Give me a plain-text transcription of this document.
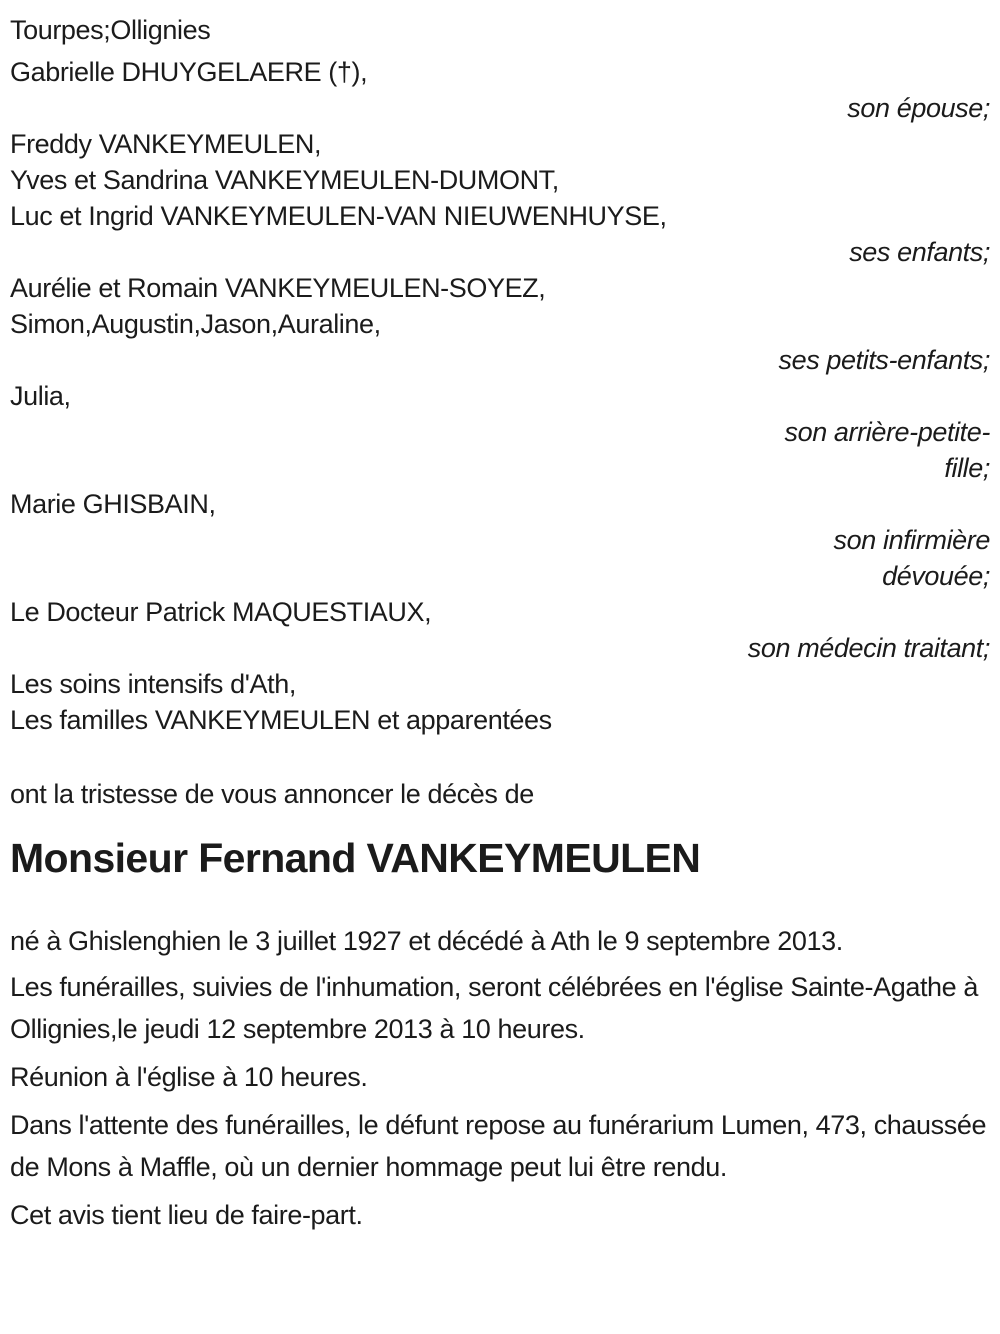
Tourpes;Ollignies
Gabrielle DHUYGELAERE (†),
son épouse;
Freddy VANKEYMEULEN,
Yves et Sandrina VANKEYMEULEN-DUMONT,
Luc et Ingrid VANKEYMEULEN-VAN NIEUWENHUYSE,
ses enfants;
Aurélie et Romain VANKEYMEULEN-SOYEZ,
Simon,Augustin,Jason,Auraline,
ses petits-enfants;
Julia,
son arrière-petite-fille;
Marie GHISBAIN,
son infirmière dévouée;
Le Docteur Patrick MAQUESTIAUX,
son médecin traitant;
Les soins intensifs d'Ath,
Les familles VANKEYMEULEN et apparentées

ont la tristesse de vous annoncer le décès de

Monsieur Fernand VANKEYMEULEN

né à Ghislenghien le 3 juillet 1927 et décédé à Ath le 9 septembre 2013.

Les funérailles, suivies de l'inhumation, seront célébrées en l'église Sainte-Agathe à Ollignies,le jeudi 12 septembre 2013 à 10 heures.

Réunion à l'église à 10 heures.

Dans l'attente des funérailles, le défunt repose au funérarium Lumen, 473, chaussée de Mons à Maffle, où un dernier hommage peut lui être rendu.

Cet avis tient lieu de faire-part.
